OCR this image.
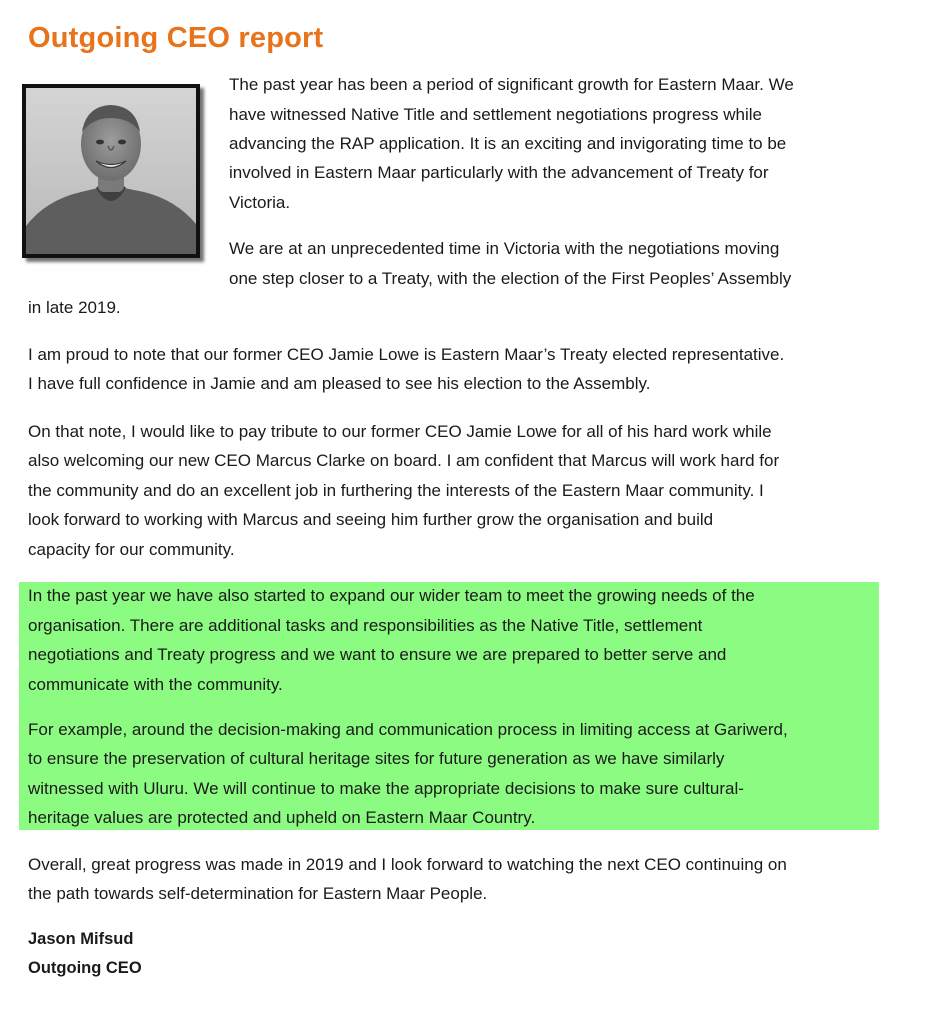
Outgoing CEO report

The past year has been a period of significant growth for Eastern Maar. We

have witnessed Native Title and settlement negotiations progress while

advancing the RAP application. It is an exciting and invigorating time to be

involved in Eastern Maar particularly with the advancement of Treaty for

Victoria.

We are at an unprecedented time in Victoria with the negotiations moving

one step closer to a Treaty, with the election of the First Peoples’ Assembly

in late 2019.

I am proud to note that our former CEO Jamie Lowe is Eastern Maar’s Treaty elected representative.

I have full confidence in Jamie and am pleased to see his election to the Assembly.

On that note, I would like to pay tribute to our former CEO Jamie Lowe for all of his hard work while

also welcoming our new CEO Marcus Clarke on board. I am confident that Marcus will work hard for

the community and do an excellent job in furthering the interests of the Eastern Maar community. I

look forward to working with Marcus and seeing him further grow the organisation and build

capacity for our community.

In the past year we have also started to expand our wider team to meet the growing needs of the

organisation. There are additional tasks and responsibilities as the Native Title, settlement

negotiations and Treaty progress and we want to ensure we are prepared to better serve and

communicate with the community.

For example, around the decision-making and communication process in limiting access at Gariwerd,

to ensure the preservation of cultural heritage sites for future generation as we have similarly

witnessed with Uluru. We will continue to make the appropriate decisions to make sure cultural-

heritage values are protected and upheld on Eastern Maar Country.

Overall, great progress was made in 2019 and I look forward to watching the next CEO continuing on

the path towards self-determination for Eastern Maar People.

Jason Mifsud

Outgoing CEO
